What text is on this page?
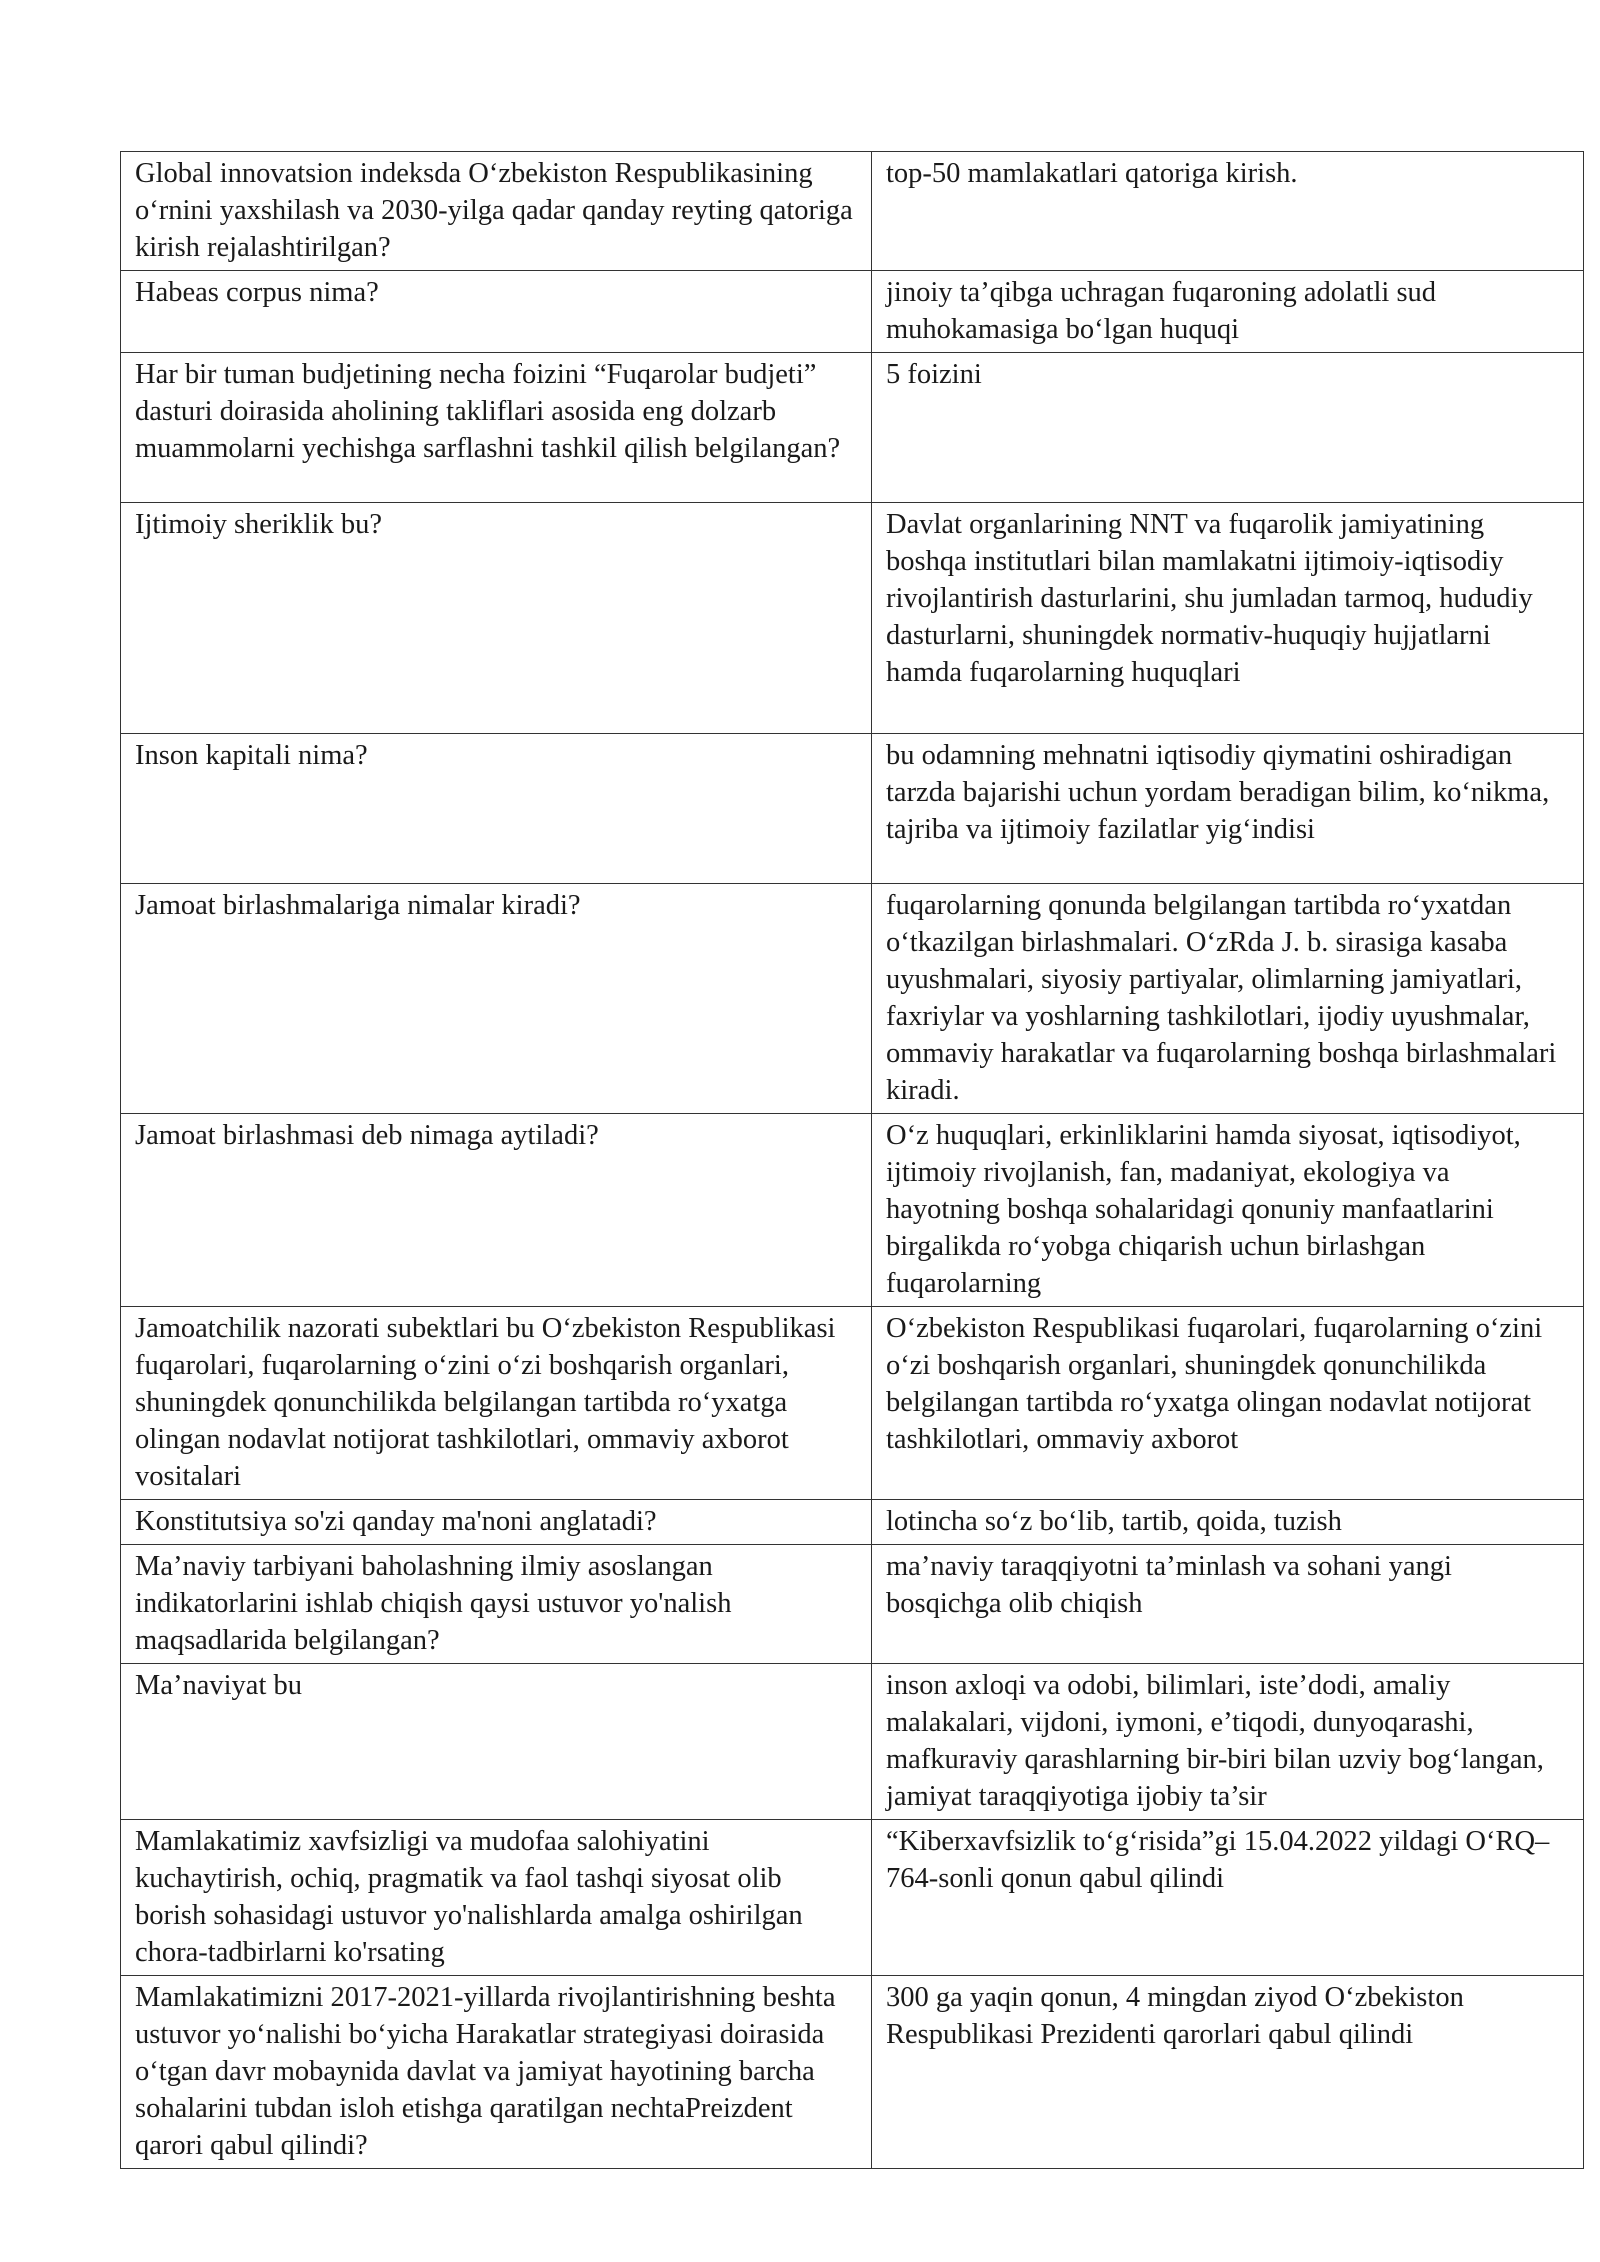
Global innovatsion indeksda O‘zbekiston Respublikasining o‘rnini yaxshilash va 2030-yilga qadar qanday reyting qatoriga kirish rejalashtirilgan?	top-50 mamlakatlari qatoriga kirish.
Habeas corpus nima?	jinoiy ta’qibga uchragan fuqaroning adolatli sud muhokamasiga bo‘lgan huquqi
Har bir tuman budjetining necha foizini “Fuqarolar budjeti” dasturi doirasida aholining takliflari asosida eng dolzarb muammolarni yechishga sarflashni tashkil qilish belgilangan?	5 foizini
Ijtimoiy sheriklik bu?	Davlat organlarining NNT va fuqarolik jamiyatining boshqa institutlari bilan mamlakatni ijtimoiy-iqtisodiy rivojlantirish dasturlarini, shu jumladan tarmoq, hududiy dasturlarni, shuningdek normativ-huquqiy hujjatlarni hamda fuqarolarning huquqlari
Inson kapitali nima?	bu odamning mehnatni iqtisodiy qiymatini oshiradigan tarzda bajarishi uchun yordam beradigan bilim, ko‘nikma, tajriba va ijtimoiy fazilatlar yig‘indisi
Jamoat birlashmalariga nimalar kiradi?	fuqarolarning qonunda belgilangan tartibda ro‘yxatdan o‘tkazilgan birlashmalari. O‘zRda J. b. sirasiga kasaba uyushmalari, siyosiy partiyalar, olimlarning jamiyatlari, faxriylar va yoshlarning tashkilotlari, ijodiy uyushmalar, ommaviy harakatlar va fuqarolarning boshqa birlashmalari kiradi.
Jamoat birlashmasi deb nimaga aytiladi?	O‘z huquqlari, erkinliklarini hamda siyosat, iqtisodiyot, ijtimoiy rivojlanish, fan, madaniyat, ekologiya va hayotning boshqa sohalaridagi qonuniy manfaatlarini birgalikda ro‘yobga chiqarish uchun birlashgan fuqarolarning
Jamoatchilik nazorati subektlari bu O‘zbekiston Respublikasi fuqarolari, fuqarolarning o‘zini o‘zi boshqarish organlari, shuningdek qonunchilikda belgilangan tartibda ro‘yxatga olingan nodavlat notijorat tashkilotlari, ommaviy axborot vositalari	O‘zbekiston Respublikasi fuqarolari, fuqarolarning o‘zini o‘zi boshqarish organlari, shuningdek qonunchilikda belgilangan tartibda ro‘yxatga olingan nodavlat notijorat tashkilotlari, ommaviy axborot
Konstitutsiya so'zi qanday ma'noni anglatadi?	lotincha so‘z bo‘lib, tartib, qoida, tuzish
Ma’naviy tarbiyani baholashning ilmiy asoslangan indikatorlarini ishlab chiqish qaysi ustuvor yo'nalish maqsadlarida belgilangan?	ma’naviy taraqqiyotni ta’minlash va sohani yangi bosqichga olib chiqish
Ma’naviyat bu	inson axloqi va odobi, bilimlari, iste’dodi, amaliy malakalari, vijdoni, iymoni, e’tiqodi, dunyoqarashi, mafkuraviy qarashlarning bir-biri bilan uzviy bog‘langan, jamiyat taraqqiyotiga ijobiy ta’sir
Mamlakatimiz xavfsizligi va mudofaa salohiyatini kuchaytirish, ochiq, pragmatik va faol tashqi siyosat olib borish sohasidagi ustuvor yo'nalishlarda amalga oshirilgan chora-tadbirlarni ko'rsating	“Kiberxavfsizlik to‘g‘risida”gi 15.04.2022 yildagi O‘RQ–764-sonli qonun qabul qilindi
Mamlakatimizni 2017-2021-yillarda rivojlantirishning beshta ustuvor yo‘nalishi bo‘yicha Harakatlar strategiyasi doirasida o‘tgan davr mobaynida davlat va jamiyat hayotining barcha sohalarini tubdan isloh etishga qaratilgan nechtaPreizdent qarori qabul qilindi?	300 ga yaqin qonun, 4 mingdan ziyod O‘zbekiston Respublikasi Prezidenti qarorlari qabul qilindi
